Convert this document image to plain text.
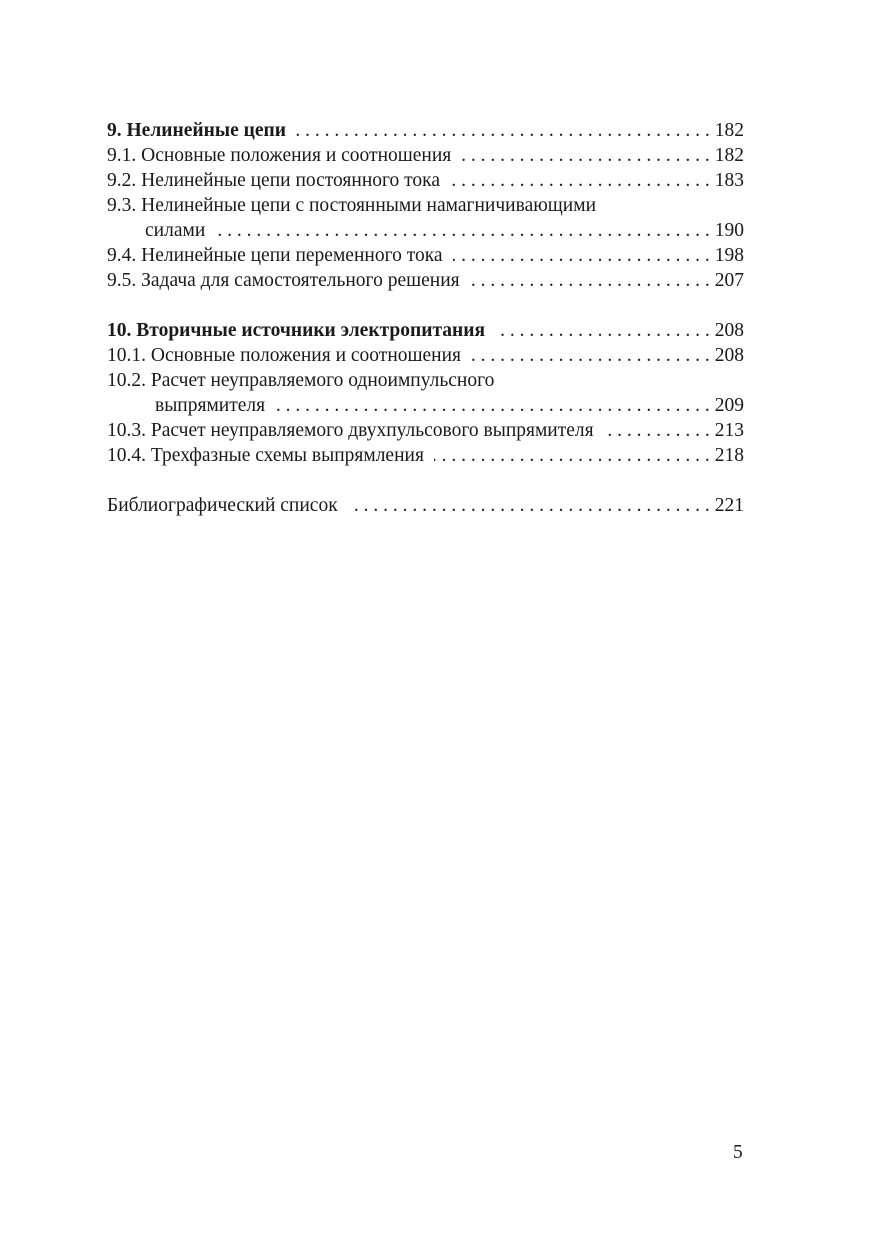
9. Нелинейные цепи . . .	182
9.1. Основные положения и соотношения . . .	182
9.2. Нелинейные цепи постоянного тока . . .	183
9.3. Нелинейные цепи с постоянными намагничивающими
силами . . .	190
9.4. Нелинейные цепи переменного тока . . .	198
9.5. Задача для самостоятельного решения . . .	207
10. Вторичные источники электропитания . . .	208
10.1. Основные положения и соотношения . . .	208
10.2. Расчет неуправляемого одноимпульсного
выпрямителя . . .	209
10.3. Расчет неуправляемого двухпульсового выпрямителя . . .	213
10.4. Трехфазные схемы выпрямления . . .	218
Библиографический список . . .	221
5
